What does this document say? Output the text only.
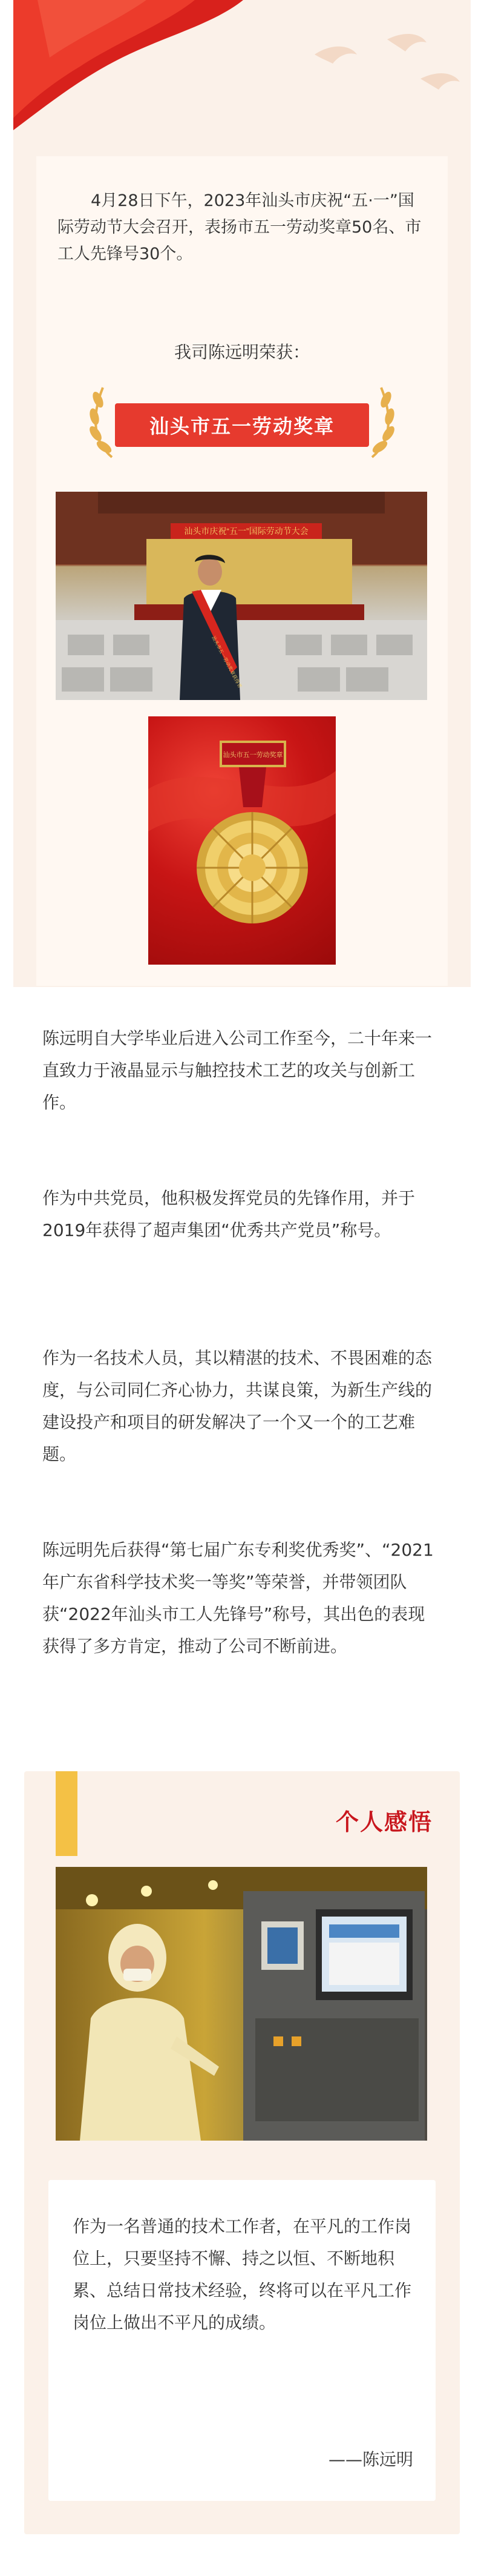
4月28日下午，2023年汕头市庆祝“五·一”国际劳动节大会召开，表扬市五一劳动奖章50名、市工人先锋号30个。

我司陈远明荣获：
汕头市五一劳动奖章
汕头市庆祝“五一”国际劳动节大会
汕头市五一劳动奖章获得者
汕头市五一劳动奖章

陈远明自大学毕业后进入公司工作至今，二十年来一直致力于液晶显示与触控技术工艺的攻关与创新工作。

作为中共党员，他积极发挥党员的先锋作用，并于2019年获得了超声集团“优秀共产党员”称号。

作为一名技术人员，其以精湛的技术、不畏困难的态度，与公司同仁齐心协力，共谋良策，为新生产线的建设投产和项目的研发解决了一个又一个的工艺难题。

陈远明先后获得“第七届广东专利奖优秀奖”、“2021年广东省科学技术奖一等奖”等荣誉，并带领团队获“2022年汕头市工人先锋号”称号，其出色的表现获得了多方肯定，推动了公司不断前进。

个人感悟

作为一名普通的技术工作者，在平凡的工作岗位上，只要坚持不懈、持之以恒、不断地积累、总结日常技术经验，终将可以在平凡工作岗位上做出不平凡的成绩。

——陈远明
